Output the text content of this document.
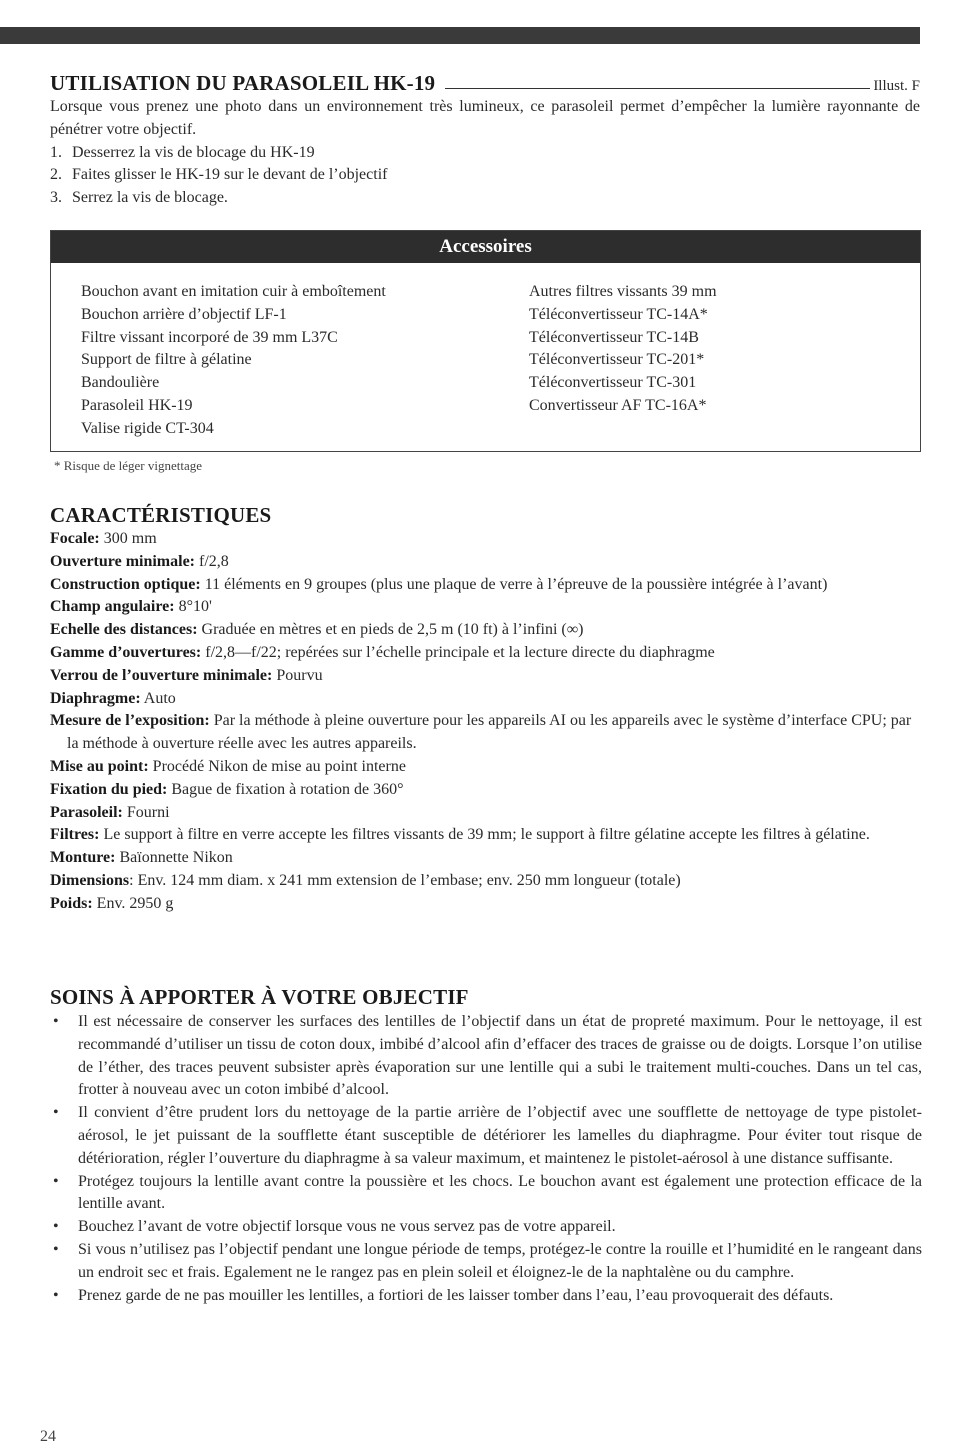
UTILISATION DU PARASOLEIL HK-19	Illust. F
Lorsque vous prenez une photo dans un environnement très lumineux, ce parasoleil permet d’empêcher la lumière rayonnante de pénétrer votre objectif.
1. Desserrez la vis de blocage du HK-19
2. Faites glisser le HK-19 sur le devant de l’objectif
3. Serrez la vis de blocage.
Accessoires
Bouchon avant en imitation cuir à emboîtement
Bouchon arrière d’objectif LF-1
Filtre vissant incorporé de 39 mm L37C
Support de filtre à gélatine
Bandoulière
Parasoleil HK-19
Valise rigide CT-304
Autres filtres vissants 39 mm
Téléconvertisseur TC-14A*
Téléconvertisseur TC-14B
Téléconvertisseur TC-201*
Téléconvertisseur TC-301
Convertisseur AF TC-16A*
* Risque de léger vignettage
CARACTÉRISTIQUES
Focale: 300 mm
Ouverture minimale: f/2,8
Construction optique: 11 éléments en 9 groupes (plus une plaque de verre à l’épreuve de la poussière intégrée à l’avant)
Champ angulaire: 8°10'
Echelle des distances: Graduée en mètres et en pieds de 2,5 m (10 ft) à l’infini (∞)
Gamme d’ouvertures: f/2,8—f/22; repérées sur l’échelle principale et la lecture directe du diaphragme
Verrou de l’ouverture minimale: Pourvu
Diaphragme: Auto
Mesure de l’exposition: Par la méthode à pleine ouverture pour les appareils AI ou les appareils avec le système d’interface CPU; par la méthode à ouverture réelle avec les autres appareils.
Mise au point: Procédé Nikon de mise au point interne
Fixation du pied: Bague de fixation à rotation de 360°
Parasoleil: Fourni
Filtres: Le support à filtre en verre accepte les filtres vissants de 39 mm; le support à filtre gélatine accepte les filtres à gélatine.
Monture: Baïonnette Nikon
Dimensions: Env. 124 mm diam. x 241 mm extension de l’embase; env. 250 mm longueur (totale)
Poids: Env. 2950 g
SOINS À APPORTER À VOTRE OBJECTIF
•	Il est nécessaire de conserver les surfaces des lentilles de l’objectif dans un état de propreté maximum. Pour le nettoyage, il est recommandé d’utiliser un tissu de coton doux, imbibé d’alcool afin d’effacer des traces de graisse ou de doigts. Lorsque l’on utilise de l’éther, des traces peuvent subsister après évaporation sur une lentille qui a subi le traitement multi-couches. Dans un tel cas, frotter à nouveau avec un coton imbibé d’alcool.
•	Il convient d’être prudent lors du nettoyage de la partie arrière de l’objectif avec une soufflette de nettoyage de type pistolet-aérosol, le jet puissant de la soufflette étant susceptible de détériorer les lamelles du diaphragme. Pour éviter tout risque de détérioration, régler l’ouverture du diaphragme à sa valeur maximum, et maintenez le pistolet-aérosol à une distance suffisante.
•	Protégez toujours la lentille avant contre la poussière et les chocs. Le bouchon avant est également une protection efficace de la lentille avant.
•	Bouchez l’avant de votre objectif lorsque vous ne vous servez pas de votre appareil.
•	Si vous n’utilisez pas l’objectif pendant une longue période de temps, protégez-le contre la rouille et l’humidité en le rangeant dans un endroit sec et frais. Egalement ne le rangez pas en plein soleil et éloignez-le de la naphtalène ou du camphre.
•	Prenez garde de ne pas mouiller les lentilles, a fortiori de les laisser tomber dans l’eau, l’eau provoquerait des défauts.
24
